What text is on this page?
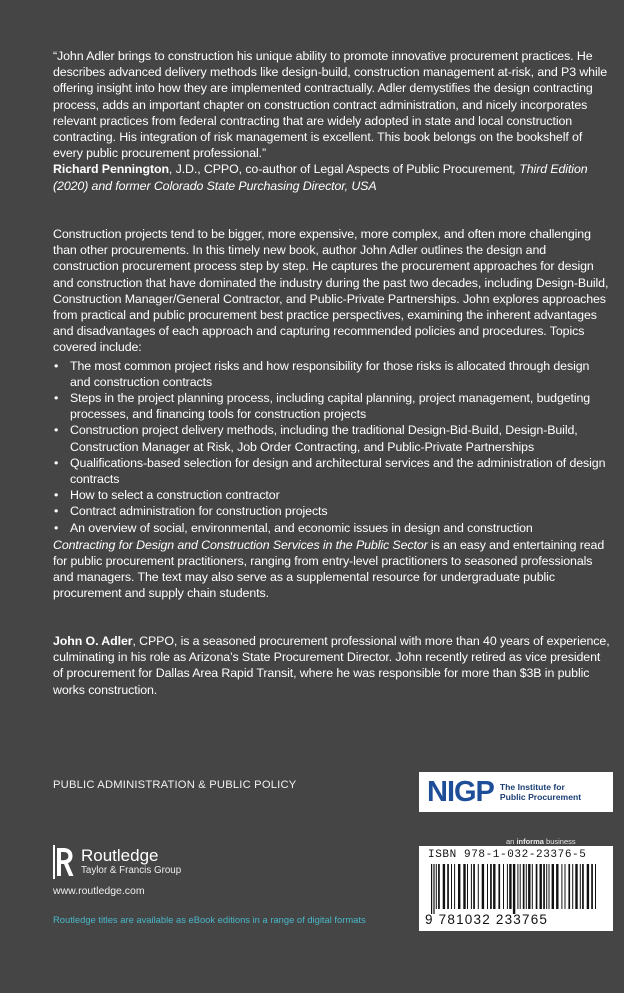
“John Adler brings to construction his unique ability to promote innovative procurement practices. He describes advanced delivery methods like design-build, construction management at-risk, and P3 while offering insight into how they are implemented contractually. Adler demystifies the design contracting process, adds an important chapter on construction contract administration, and nicely incorporates relevant practices from federal contracting that are widely adopted in state and local construction contracting. His integration of risk management is excellent. This book belongs on the bookshelf of every public procurement professional.”

Richard Pennington, J.D., CPPO, co-author of Legal Aspects of Public Procurement, Third Edition (2020) and former Colorado State Purchasing Director, USA

Construction projects tend to be bigger, more expensive, more complex, and often more challenging than other procurements. In this timely new book, author John Adler outlines the design and construction procurement process step by step. He captures the procurement approaches for design and construction that have dominated the industry during the past two decades, including Design-Build, Construction Manager/General Contractor, and Public-Private Partnerships. John explores approaches from practical and public procurement best practice perspectives, examining the inherent advantages and disadvantages of each approach and capturing recommended policies and procedures. Topics covered include:

• The most common project risks and how responsibility for those risks is allocated through design and construction contracts
• Steps in the project planning process, including capital planning, project management, budgeting processes, and financing tools for construction projects
• Construction project delivery methods, including the traditional Design-Bid-Build, Design-Build, Construction Manager at Risk, Job Order Contracting, and Public-Private Partnerships
• Qualifications-based selection for design and architectural services and the administration of design contracts
• How to select a construction contractor
• Contract administration for construction projects
• An overview of social, environmental, and economic issues in design and construction

Contracting for Design and Construction Services in the Public Sector is an easy and entertaining read for public procurement practitioners, ranging from entry-level practitioners to seasoned professionals and managers. The text may also serve as a supplemental resource for undergraduate public procurement and supply chain students.

John O. Adler, CPPO, is a seasoned procurement professional with more than 40 years of experience, culminating in his role as Arizona’s State Procurement Director. John recently retired as vice president of procurement for Dallas Area Rapid Transit, where he was responsible for more than $3B in public works construction.
PUBLIC ADMINISTRATION & PUBLIC POLICY	NIGP The Institute for
Public Procurement
an informa business
ISBN 978-1-032-23376-5
9 781032 233765
Routledge
Taylor & Francis Group
www.routledge.com
Routledge titles are available as eBook editions in a range of digital formats
